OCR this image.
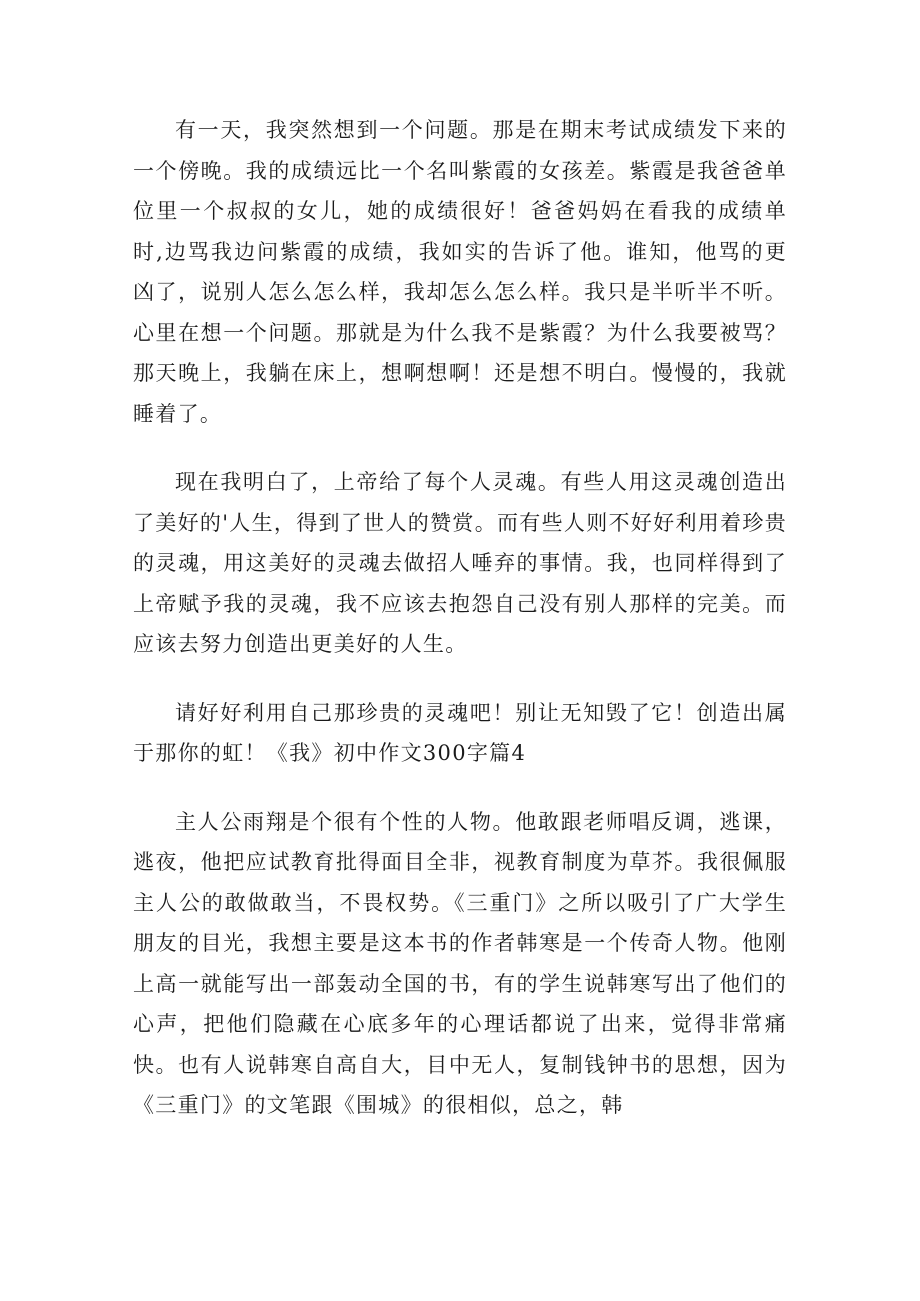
有一天，我突然想到一个问题。那是在期末考试成绩发下来的一个傍晚。我的成绩远比一个名叫紫霞的女孩差。紫霞是我爸爸单位里一个叔叔的女儿，她的成绩很好！爸爸妈妈在看我的成绩单时,边骂我边问紫霞的成绩，我如实的告诉了他。谁知，他骂的更凶了，说别人怎么怎么样，我却怎么怎么样。我只是半听半不听。心里在想一个问题。那就是为什么我不是紫霞？为什么我要被骂？那天晚上，我躺在床上，想啊想啊！还是想不明白。慢慢的，我就睡着了。

现在我明白了，上帝给了每个人灵魂。有些人用这灵魂创造出了美好的'人生，得到了世人的赞赏。而有些人则不好好利用着珍贵的灵魂，用这美好的灵魂去做招人唾弃的事情。我，也同样得到了上帝赋予我的灵魂，我不应该去抱怨自己没有别人那样的完美。而应该去努力创造出更美好的人生。

请好好利用自己那珍贵的灵魂吧！别让无知毁了它！创造出属于那你的虹！《我》初中作文300字篇4

主人公雨翔是个很有个性的人物。他敢跟老师唱反调，逃课，逃夜，他把应试教育批得面目全非，视教育制度为草芥。我很佩服主人公的敢做敢当，不畏权势。《三重门》之所以吸引了广大学生朋友的目光，我想主要是这本书的作者韩寒是一个传奇人物。他刚上高一就能写出一部轰动全国的书，有的学生说韩寒写出了他们的心声，把他们隐藏在心底多年的心理话都说了出来，觉得非常痛快。也有人说韩寒自高自大，目中无人，复制钱钟书的思想，因为《三重门》的文笔跟《围城》的很相似，总之，韩
